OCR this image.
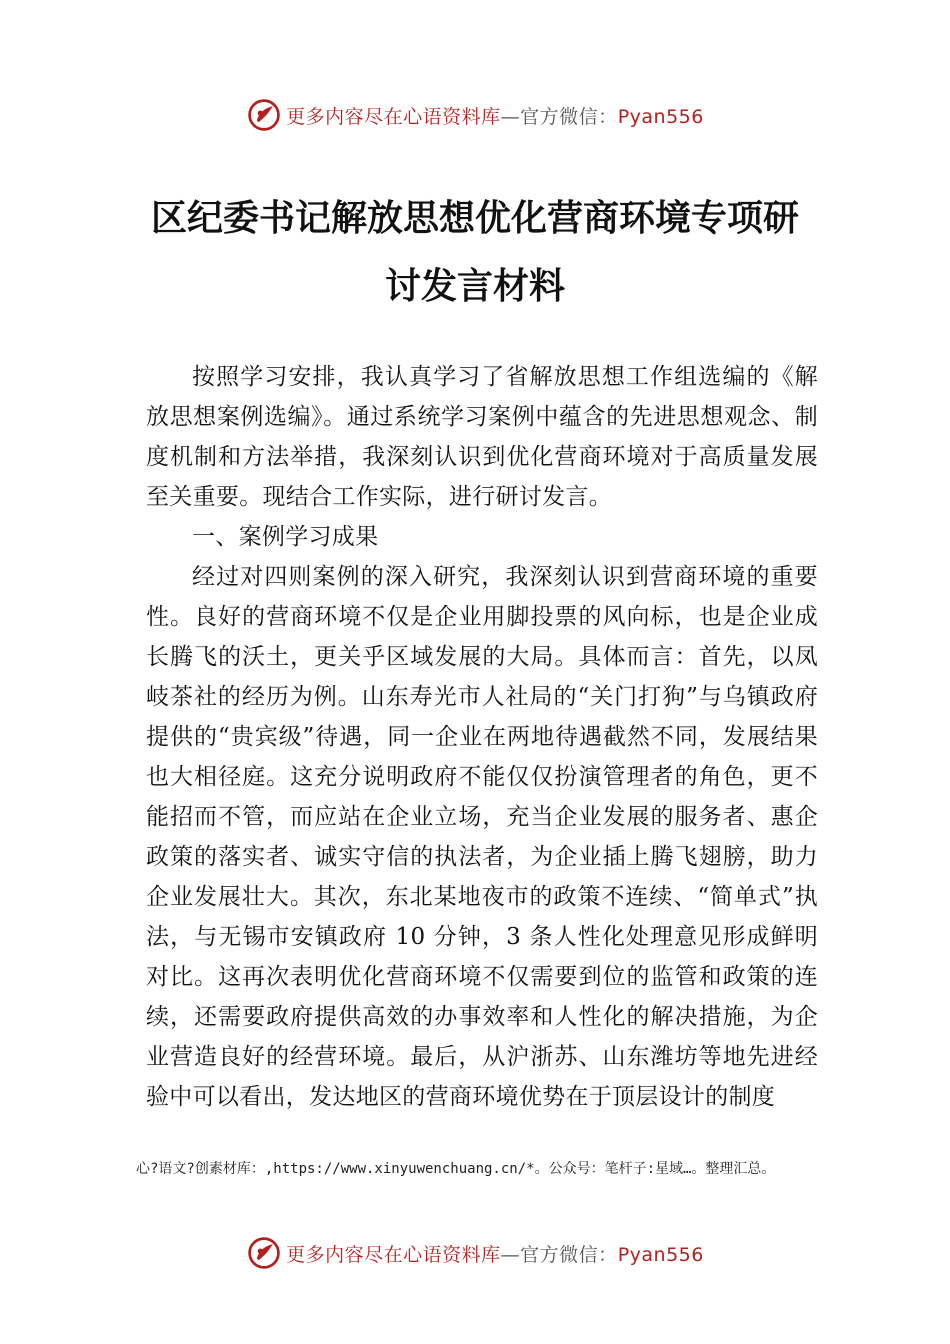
更多内容尽在心语资料库—官方微信：Pyan556
区纪委书记解放思想优化营商环境专项研
讨发言材料

按照学习安排，我认真学习了省解放思想工作组选编的《解放思想案例选编》。通过系统学习案例中蕴含的先进思想观念、制度机制和方法举措，我深刻认识到优化营商环境对于高质量发展至关重要。现结合工作实际，进行研讨发言。

一、案例学习成果

经过对四则案例的深入研究，我深刻认识到营商环境的重要性。良好的营商环境不仅是企业用脚投票的风向标，也是企业成长腾飞的沃土，更关乎区域发展的大局。具体而言：首先，以凤岐茶社的经历为例。山东寿光市人社局的“关门打狗”与乌镇政府提供的“贵宾级”待遇，同一企业在两地待遇截然不同，发展结果也大相径庭。这充分说明政府不能仅仅扮演管理者的角色，更不能招而不管，而应站在企业立场，充当企业发展的服务者、惠企政策的落实者、诚实守信的执法者，为企业插上腾飞翅膀，助力企业发展壮大。其次，东北某地夜市的政策不连续、“简单式”执法，与无锡市安镇政府 10 分钟，3 条人性化处理意见形成鲜明对比。这再次表明优化营商环境不仅需要到位的监管和政策的连续，还需要政府提供高效的办事效率和人性化的解决措施，为企业营造良好的经营环境。最后，从沪浙苏、山东潍坊等地先进经验中可以看出，发达地区的营商环境优势在于顶层设计的制度

心?语文?创素材库：,https://www.xinyuwenchuang.cn/*。公众号：笔杆子:星域…。整理汇总。
更多内容尽在心语资料库—官方微信：Pyan556
